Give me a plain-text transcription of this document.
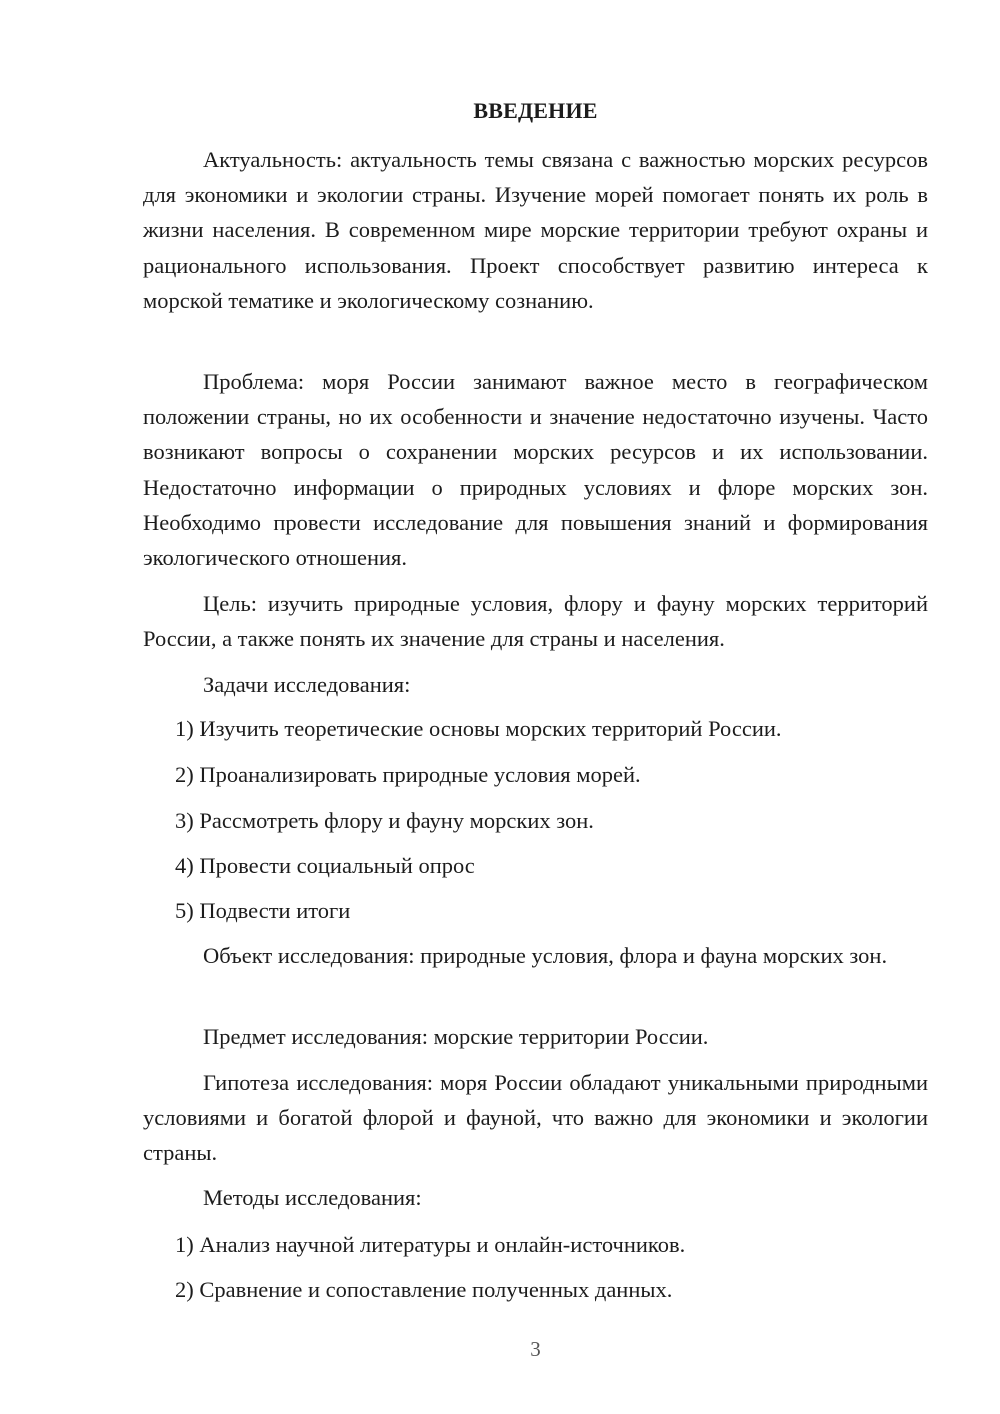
ВВЕДЕНИЕ
Актуальность: актуальность темы связана с важностью морских ресурсов для экономики и экологии страны. Изучение морей помогает понять их роль в жизни населения. В современном мире морские территории требуют охраны и рационального использования. Проект способствует развитию интереса к морской тематике и экологическому сознанию.
Проблема: моря России занимают важное место в географическом положении страны, но их особенности и значение недостаточно изучены. Часто возникают вопросы о сохранении морских ресурсов и их использовании. Недостаточно информации о природных условиях и флоре морских зон. Необходимо провести исследование для повышения знаний и формирования экологического отношения.
Цель: изучить природные условия, флору и фауну морских территорий России, а также понять их значение для страны и населения.
Задачи исследования:
1) Изучить теоретические основы морских территорий России.
2) Проанализировать природные условия морей.
3) Рассмотреть флору и фауну морских зон.
4) Провести социальный опрос
5) Подвести итоги
Объект исследования: природные условия, флора и фауна морских зон.
Предмет исследования: морские территории России.
Гипотеза исследования: моря России обладают уникальными природными условиями и богатой флорой и фауной, что важно для экономики и экологии страны.
Методы исследования:
1) Анализ научной литературы и онлайн-источников.
2) Сравнение и сопоставление полученных данных.
3
